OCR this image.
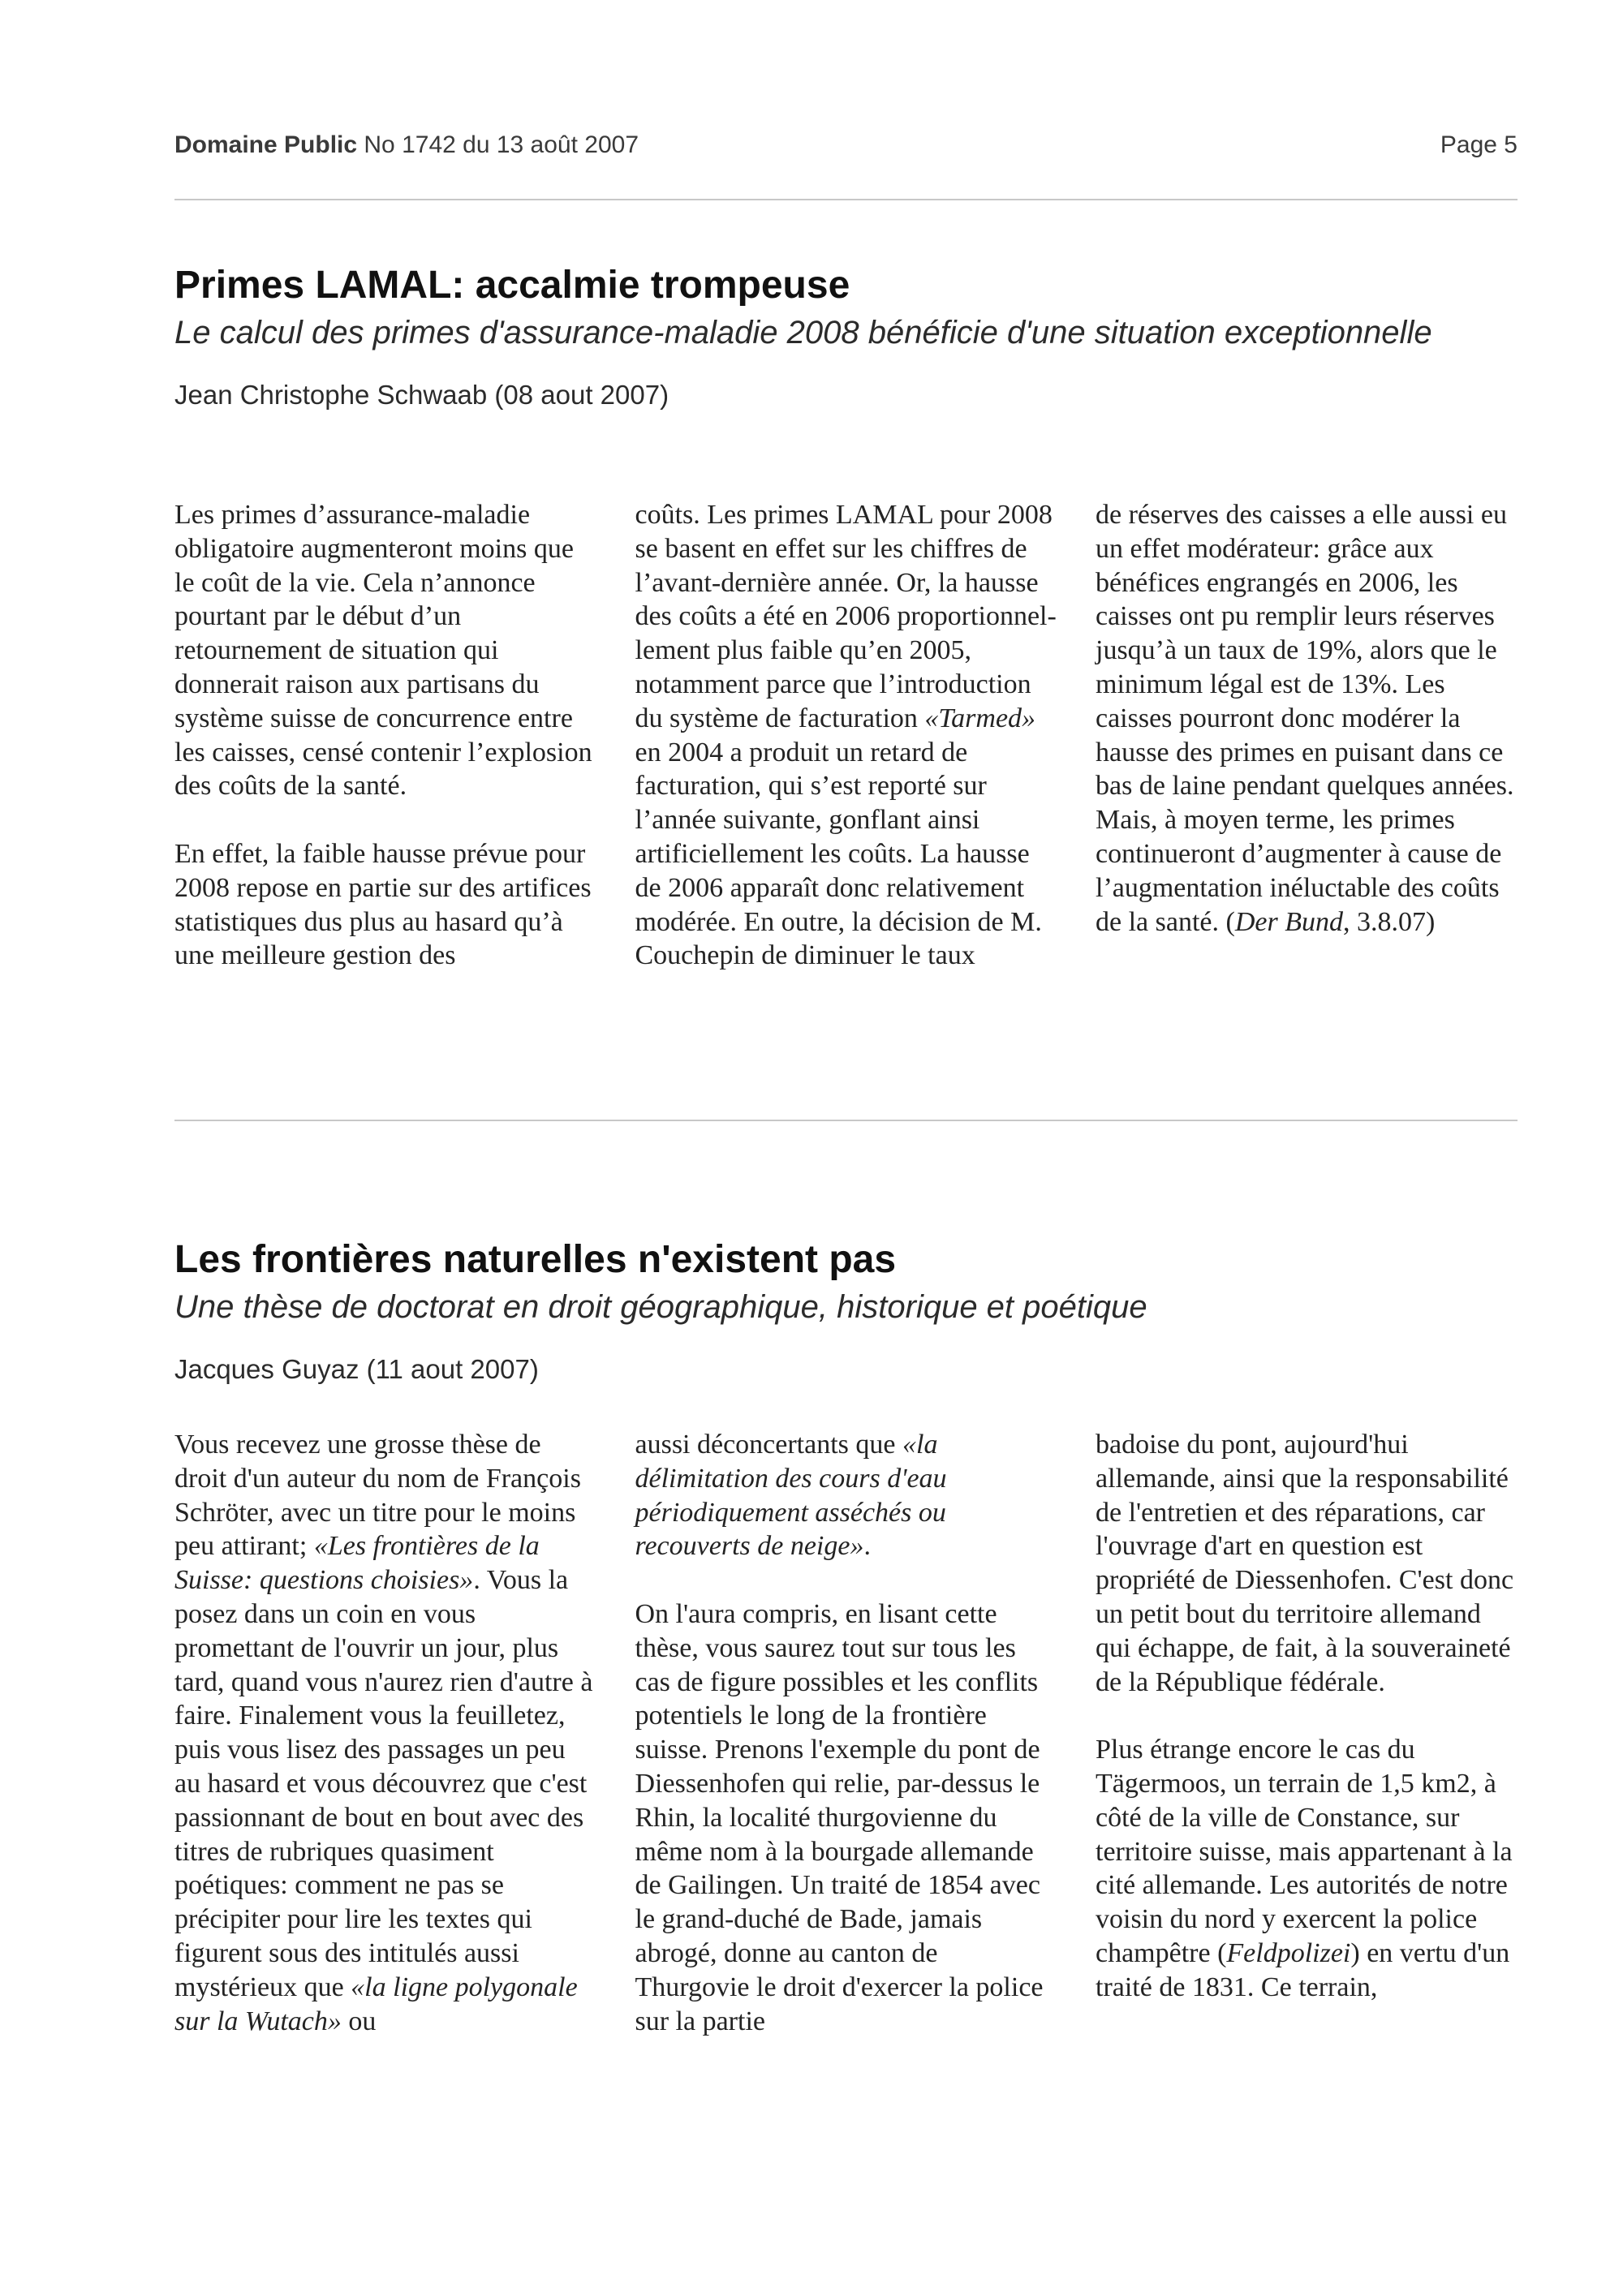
Domaine Public No 1742 du 13 août 2007	Page 5
Primes LAMAL: accalmie trompeuse

Le calcul des primes d'assurance-maladie 2008 bénéficie d'une situation exceptionnelle

Jean Christophe Schwaab (08 aout 2007)

Les primes d’assurance-maladie obligatoire augmenteront moins que le coût de la vie. Cela n’annonce pourtant par le début d’un retournement de situation qui donnerait raison aux partisans du système suisse de concurrence entre les caisses, censé contenir l’explosion des coûts de la santé.

En effet, la faible hausse prévue pour 2008 repose en partie sur des artifices statistiques dus plus au hasard qu’à une meilleure gestion des

coûts. Les primes LAMAL pour 2008 se basent en effet sur les chiffres de l’avant-dernière année. Or, la hausse des coûts a été en 2006 proportionnel-lement plus faible qu’en 2005, notamment parce que l’introduction du système de facturation «Tarmed» en 2004 a produit un retard de facturation, qui s’est reporté sur l’année suivante, gonflant ainsi artificiellement les coûts. La hausse de 2006 apparaît donc relativement modérée. En outre, la décision de M. Couchepin de diminuer le taux

de réserves des caisses a elle aussi eu un effet modérateur: grâce aux bénéfices engrangés en 2006, les caisses ont pu remplir leurs réserves jusqu’à un taux de 19%, alors que le minimum légal est de 13%. Les caisses pourront donc modérer la hausse des primes en puisant dans ce bas de laine pendant quelques années. Mais, à moyen terme, les primes continueront d’augmenter à cause de l’augmentation inéluctable des coûts de la santé. (Der Bund, 3.8.07)

Les frontières naturelles n'existent pas

Une thèse de doctorat en droit géographique, historique et poétique

Jacques Guyaz (11 aout 2007)

Vous recevez une grosse thèse de droit d'un auteur du nom de François Schröter, avec un titre pour le moins peu attirant; «Les frontières de la Suisse: questions choisies». Vous la posez dans un coin en vous promettant de l'ouvrir un jour, plus tard, quand vous n'aurez rien d'autre à faire. Finalement vous la feuilletez, puis vous lisez des passages un peu au hasard et vous découvrez que c'est passionnant de bout en bout avec des titres de rubriques quasiment poétiques: comment ne pas se précipiter pour lire les textes qui figurent sous des intitulés aussi mystérieux que «la ligne polygonale sur la Wutach» ou

aussi déconcertants que «la délimitation des cours d'eau périodiquement asséchés ou recouverts de neige».

On l'aura compris, en lisant cette thèse, vous saurez tout sur tous les cas de figure possibles et les conflits potentiels le long de la frontière suisse. Prenons l'exemple du pont de Diessenhofen qui relie, par-dessus le Rhin, la localité thurgovienne du même nom à la bourgade allemande de Gailingen. Un traité de 1854 avec le grand-duché de Bade, jamais abrogé, donne au canton de Thurgovie le droit d'exercer la police sur la partie

badoise du pont, aujourd'hui allemande, ainsi que la responsabilité de l'entretien et des réparations, car l'ouvrage d'art en question est propriété de Diessenhofen. C'est donc un petit bout du territoire allemand qui échappe, de fait, à la souveraineté de la République fédérale.

Plus étrange encore le cas du Tägermoos, un terrain de 1,5 km2, à côté de la ville de Constance, sur territoire suisse, mais appartenant à la cité allemande. Les autorités de notre voisin du nord y exercent la police champêtre (Feldpolizei) en vertu d'un traité de 1831. Ce terrain,
